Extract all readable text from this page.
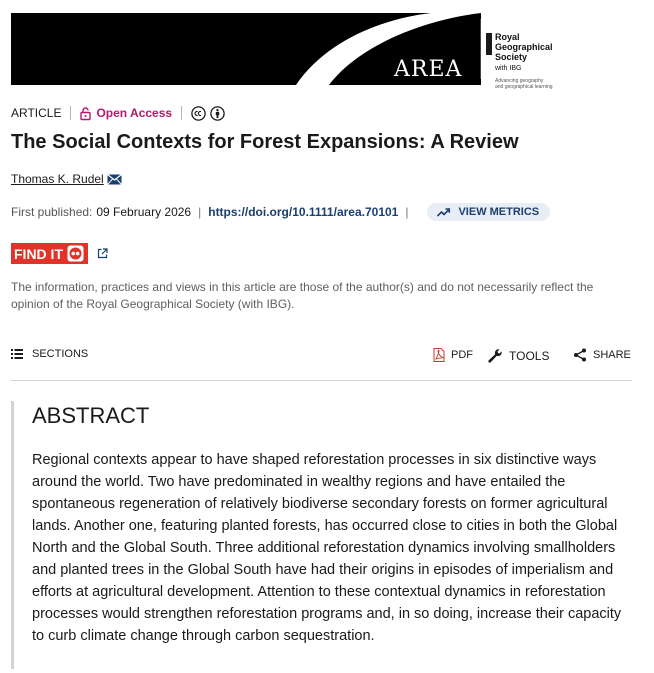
AREA
Royal
Geographical
Society
with IBG
Advancing geography
and geographical learning
ARTICLE	Open Access
The Social Contexts for Forest Expansions: A Review
Thomas K. Rudel
First published: 09 February 2026 | https://doi.org/10.1111/area.70101 |	VIEW METRICS
FIND IT

The information, practices and views in this article are those of the author(s) and do not necessarily reflect the opinion of the Royal Geographical Society (with IBG).

SECTIONS	PDF	TOOLS	SHARE
ABSTRACT

Regional contexts appear to have shaped reforestation processes in six distinctive ways around the world. Two have predominated in wealthy regions and have entailed the spontaneous regeneration of relatively biodiverse secondary forests on former agricultural lands. Another one, featuring planted forests, has occurred close to cities in both the Global North and the Global South. Three additional reforestation dynamics involving smallholders and planted trees in the Global South have had their origins in episodes of imperialism and efforts at agricultural development. Attention to these contextual dynamics in reforestation processes would strengthen reforestation programs and, in so doing, increase their capacity to curb climate change through carbon sequestration.
